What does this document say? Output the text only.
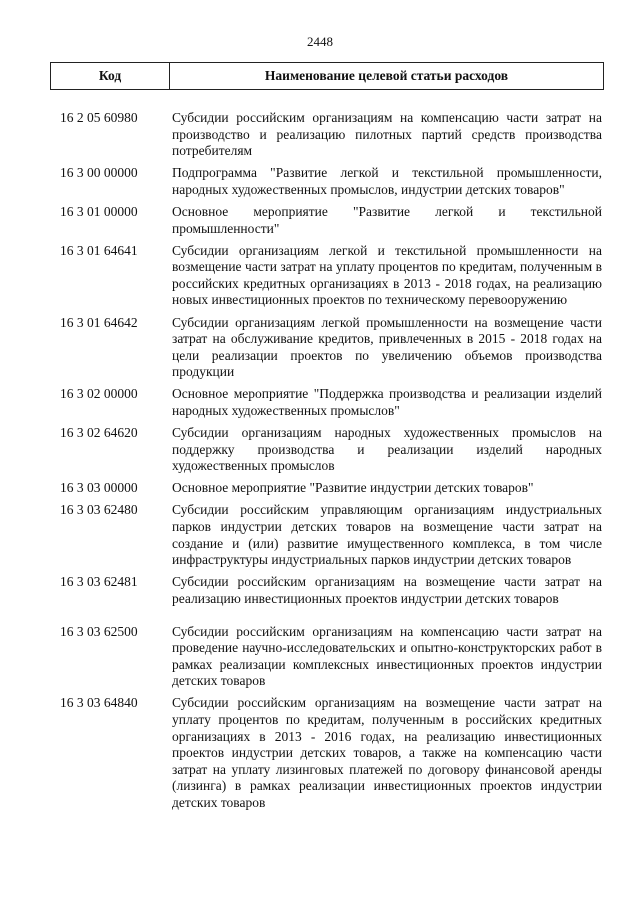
2448
Код	Наименование целевой статьи расходов
16 2 05 60980	Субсидии российским организациям на компенсацию части затрат на производство и реализацию пилотных партий средств производства потребителям
16 3 00 00000	Подпрограмма "Развитие легкой и текстильной промышленности, народных художественных промыслов, индустрии детских товаров"
16 3 01 00000	Основное мероприятие "Развитие легкой и текстильной промышленности"
16 3 01 64641	Субсидии организациям легкой и текстильной промышленности на возмещение части затрат на уплату процентов по кредитам, полученным в российских кредитных организациях в 2013 - 2018 годах, на реализацию новых инвестиционных проектов по техническому перевооружению
16 3 01 64642	Субсидии организациям легкой промышленности на возмещение части затрат на обслуживание кредитов, привлеченных в 2015 - 2018 годах на цели реализации проектов по увеличению объемов производства продукции
16 3 02 00000	Основное мероприятие "Поддержка производства и реализации изделий народных художественных промыслов"
16 3 02 64620	Субсидии организациям народных художественных промыслов на поддержку производства и реализации изделий народных художественных промыслов
16 3 03 00000	Основное мероприятие "Развитие индустрии детских товаров"
16 3 03 62480	Субсидии российским управляющим организациям индустриальных парков индустрии детских товаров на возмещение части затрат на создание и (или) развитие имущественного комплекса, в том числе инфраструктуры индустриальных парков индустрии детских товаров
16 3 03 62481	Субсидии российским организациям на возмещение части затрат на реализацию инвестиционных проектов индустрии детских товаров
16 3 03 62500	Субсидии российским организациям на компенсацию части затрат на проведение научно-исследовательских и опытно-конструкторских работ в рамках реализации комплексных инвестиционных проектов индустрии детских товаров
16 3 03 64840	Субсидии российским организациям на возмещение части затрат на уплату процентов по кредитам, полученным в российских кредитных организациях в 2013 - 2016 годах, на реализацию инвестиционных проектов индустрии детских товаров, а также на компенсацию части затрат на уплату лизинговых платежей по договору финансовой аренды (лизинга) в рамках реализации инвестиционных проектов индустрии детских товаров
